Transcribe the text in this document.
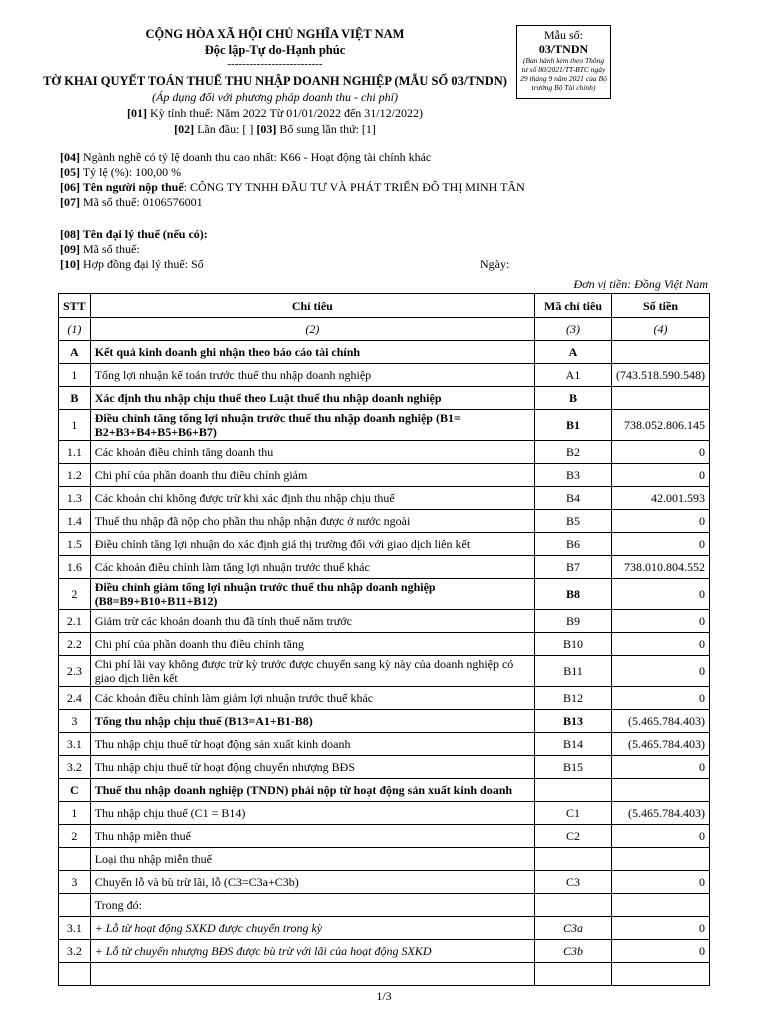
CỘNG HÒA XÃ HỘI CHỦ NGHĨA VIỆT NAM
Độc lập-Tự do-Hạnh phúc
--------------------------
TỜ KHAI QUYẾT TOÁN THUẾ THU NHẬP DOANH NGHIỆP (MẪU SỐ 03/TNDN)
(Áp dụng đối với phương pháp doanh thu - chi phí)
[01] Kỳ tính thuế: Năm 2022 Từ 01/01/2022 đến 31/12/2022)
[02] Lần đầu: [ ] [03] Bổ sung lần thứ: [1]
Mẫu số: 03/TNDN
(Ban hành kèm theo Thông tư số 80/2021/TT-BTC ngày 29 tháng 9 năm 2021 của Bộ trưởng Bộ Tài chính)
[04] Ngành nghề có tỷ lệ doanh thu cao nhất: K66 - Hoạt động tài chính khác
[05] Tỷ lệ (%): 100,00 %
[06] Tên người nộp thuế: CÔNG TY TNHH ĐẦU TƯ VÀ PHÁT TRIỂN ĐÔ THỊ MINH TÂN
[07] Mã số thuế: 0106576001
[08] Tên đại lý thuế (nếu có):
[09] Mã số thuế:
[10] Hợp đồng đại lý thuế: Số	Ngày:
Đơn vị tiền: Đồng Việt Nam
STT	Chỉ tiêu	Mã chỉ tiêu	Số tiền
(1)	(2)	(3)	(4)
A	Kết quả kinh doanh ghi nhận theo báo cáo tài chính	A	
1	Tổng lợi nhuận kế toán trước thuế thu nhập doanh nghiệp	A1	(743.518.590.548)
B	Xác định thu nhập chịu thuế theo Luật thuế thu nhập doanh nghiệp	B	
1	Điều chỉnh tăng tổng lợi nhuận trước thuế thu nhập doanh nghiệp (B1= B2+B3+B4+B5+B6+B7)	B1	738.052.806.145
1.1	Các khoản điều chỉnh tăng doanh thu	B2	0
1.2	Chi phí của phần doanh thu điều chỉnh giảm	B3	0
1.3	Các khoản chi không được trừ khi xác định thu nhập chịu thuế	B4	42.001.593
1.4	Thuế thu nhập đã nộp cho phần thu nhập nhận được ở nước ngoài	B5	0
1.5	Điều chỉnh tăng lợi nhuận do xác định giá thị trường đối với giao dịch liên kết	B6	0
1.6	Các khoản điều chỉnh làm tăng lợi nhuận trước thuế khác	B7	738.010.804.552
2	Điều chỉnh giảm tổng lợi nhuận trước thuế thu nhập doanh nghiệp (B8=B9+B10+B11+B12)	B8	0
2.1	Giảm trừ các khoản doanh thu đã tính thuế năm trước	B9	0
2.2	Chi phí của phần doanh thu điều chỉnh tăng	B10	0
2.3	Chi phí lãi vay không được trừ kỳ trước được chuyển sang kỳ này của doanh nghiệp có giao dịch liên kết	B11	0
2.4	Các khoản điều chỉnh làm giảm lợi nhuận trước thuế khác	B12	0
3	Tổng thu nhập chịu thuế (B13=A1+B1-B8)	B13	(5.465.784.403)
3.1	Thu nhập chịu thuế từ hoạt động sản xuất kinh doanh	B14	(5.465.784.403)
3.2	Thu nhập chịu thuế từ hoạt động chuyển nhượng BĐS	B15	0
C	Thuế thu nhập doanh nghiệp (TNDN) phải nộp từ hoạt động sản xuất kinh doanh		
1	Thu nhập chịu thuế (C1 = B14)	C1	(5.465.784.403)
2	Thu nhập miễn thuế	C2	0
	Loại thu nhập miễn thuế		
3	Chuyển lỗ và bù trừ lãi, lỗ (C3=C3a+C3b)	C3	0
	Trong đó:		
3.1	+ Lỗ từ hoạt động SXKD được chuyển trong kỳ	C3a	0
3.2	+ Lỗ từ chuyển nhượng BĐS được bù trừ với lãi của hoạt động SXKD	C3b	0

1/3
